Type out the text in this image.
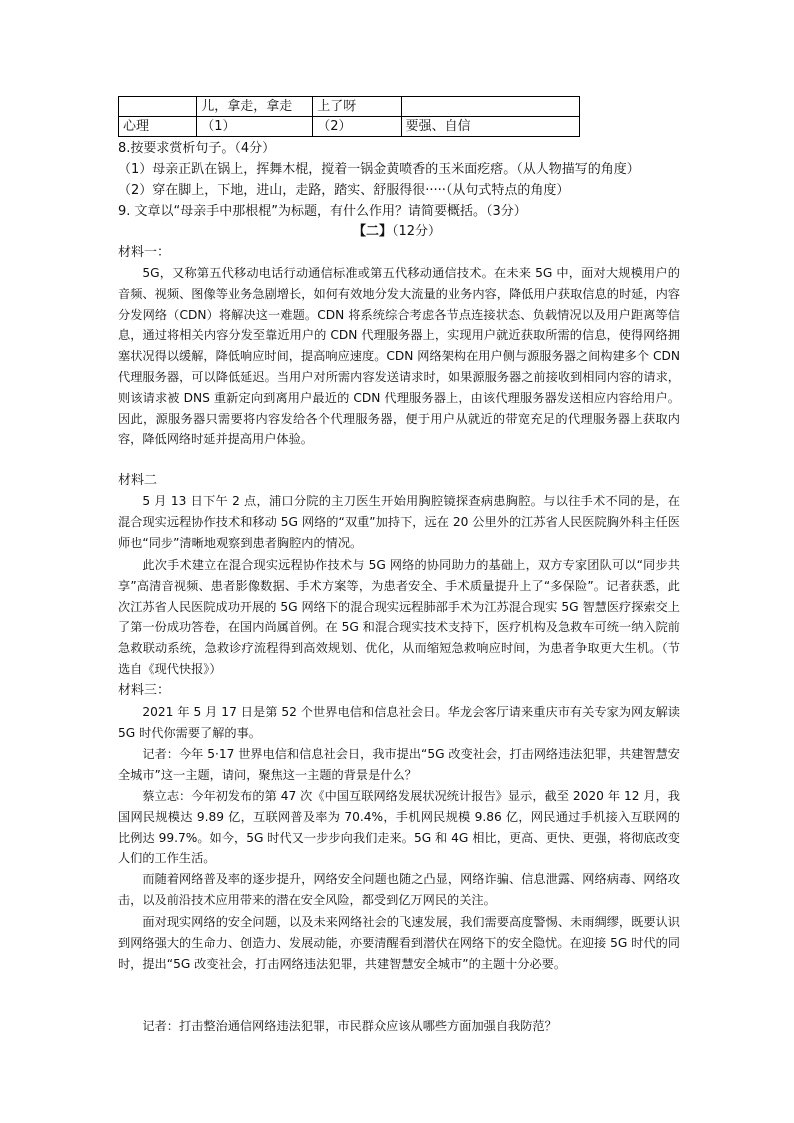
	儿，拿走，拿走	上了呀	
心理	（1）	（2）	要强、自信
8.按要求赏析句子。（4分）
（1）母亲正趴在锅上，挥舞木棍，搅着一锅金黄喷香的玉米面疙瘩。（从人物描写的角度）
（2）穿在脚上，下地，进山，走路，踏实、舒服得很·····（从句式特点的角度）
9. 文章以“母亲手中那根棍”为标题，有什么作用？请简要概括。（3分）
【二】（12分）
材料一：
5G，又称第五代移动电话行动通信标准或第五代移动通信技术。在未来 5G 中，面对大规模用户的音频、视频、图像等业务急剧增长，如何有效地分发大流量的业务内容，降低用户获取信息的时延，内容分发网络（CDN）将解决这一难题。CDN 将系统综合考虑各节点连接状态、负载情况以及用户距离等信息，通过将相关内容分发至靠近用户的 CDN 代理服务器上，实现用户就近获取所需的信息，使得网络拥塞状况得以缓解，降低响应时间，提高响应速度。CDN 网络架构在用户侧与源服务器之间构建多个 CDN 代理服务器，可以降低延迟。当用户对所需内容发送请求时，如果源服务器之前接收到相同内容的请求，则该请求被 DNS 重新定向到离用户最近的 CDN 代理服务器上，由该代理服务器发送相应内容给用户。因此，源服务器只需要将内容发给各个代理服务器，便于用户从就近的带宽充足的代理服务器上获取内容，降低网络时延并提高用户体验。
材料二
5 月 13 日下午 2 点，浦口分院的主刀医生开始用胸腔镜探查病患胸腔。与以往手术不同的是，在混合现实远程协作技术和移动 5G 网络的“双重”加持下，远在 20 公里外的江苏省人民医院胸外科主任医师也“同步”清晰地观察到患者胸腔内的情况。
此次手术建立在混合现实远程协作技术与 5G 网络的协同助力的基础上，双方专家团队可以“同步共享”高清音视频、患者影像数据、手术方案等，为患者安全、手术质量提升上了“多保险”。记者获悉，此次江苏省人民医院成功开展的 5G 网络下的混合现实远程肺部手术为江苏混合现实 5G 智慧医疗探索交上了第一份成功答卷，在国内尚属首例。在 5G 和混合现实技术支持下，医疗机构及急救车可统一纳入院前急救联动系统，急救诊疗流程得到高效规划、优化，从而缩短急救响应时间，为患者争取更大生机。（节选自《现代快报》）
材料三：
2021 年 5 月 17 日是第 52 个世界电信和信息社会日。华龙会客厅请来重庆市有关专家为网友解读 5G 时代你需要了解的事。
记者：今年 5·17 世界电信和信息社会日，我市提出“5G 改变社会，打击网络违法犯罪，共建智慧安全城市”这一主题，请问，聚焦这一主题的背景是什么？
蔡立志：今年初发布的第 47 次《中国互联网络发展状况统计报告》显示，截至 2020 年 12 月，我国网民规模达 9.89 亿，互联网普及率为 70.4%，手机网民规模 9.86 亿，网民通过手机接入互联网的比例达 99.7%。如今，5G 时代又一步步向我们走来。5G 和 4G 相比，更高、更快、更强，将彻底改变人们的工作生活。
而随着网络普及率的逐步提升，网络安全问题也随之凸显，网络诈骗、信息泄露、网络病毒、网络攻击，以及前沿技术应用带来的潜在安全风险，都受到亿万网民的关注。
面对现实网络的安全问题，以及未来网络社会的飞速发展，我们需要高度警惕、未雨绸缪，既要认识到网络强大的生命力、创造力、发展动能，亦要清醒看到潜伏在网络下的安全隐忧。在迎接 5G 时代的同时，提出“5G 改变社会，打击网络违法犯罪，共建智慧安全城市”的主题十分必要。
记者：打击整治通信网络违法犯罪，市民群众应该从哪些方面加强自我防范？
